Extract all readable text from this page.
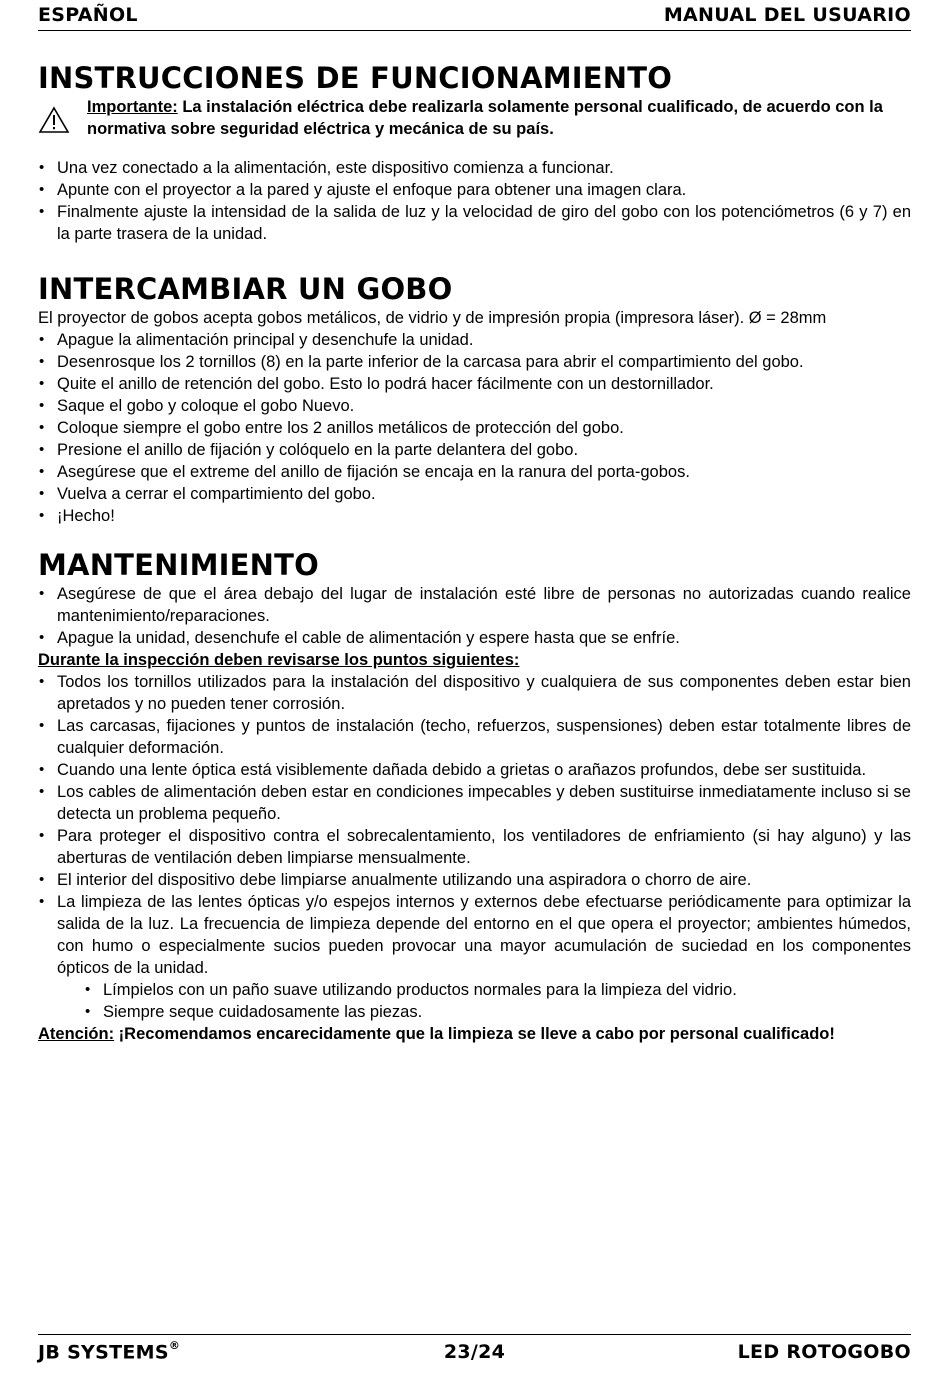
ESPAÑOL	MANUAL DEL USUARIO
INSTRUCCIONES DE FUNCIONAMIENTO
Importante: La instalación eléctrica debe realizarla solamente personal cualificado, de acuerdo con la normativa sobre seguridad eléctrica y mecánica de su país.
• Una vez conectado a la alimentación, este dispositivo comienza a funcionar.
• Apunte con el proyector a la pared y ajuste el enfoque para obtener una imagen clara.
• Finalmente ajuste la intensidad de la salida de luz y la velocidad de giro del gobo con los potenciómetros (6 y 7) en la parte trasera de la unidad.
INTERCAMBIAR UN GOBO
El proyector de gobos acepta gobos metálicos, de vidrio y de impresión propia (impresora láser). Ø = 28mm
• Apague la alimentación principal y desenchufe la unidad.
• Desenrosque los 2 tornillos (8) en la parte inferior de la carcasa para abrir el compartimiento del gobo.
• Quite el anillo de retención del gobo. Esto lo podrá hacer fácilmente con un destornillador.
• Saque el gobo y coloque el gobo Nuevo.
• Coloque siempre el gobo entre los 2 anillos metálicos de protección del gobo.
• Presione el anillo de fijación y colóquelo en la parte delantera del gobo.
• Asegúrese que el extreme del anillo de fijación se encaja en la ranura del porta-gobos.
• Vuelva a cerrar el compartimiento del gobo.
• ¡Hecho!
MANTENIMIENTO
• Asegúrese de que el área debajo del lugar de instalación esté libre de personas no autorizadas cuando realice mantenimiento/reparaciones.
• Apague la unidad, desenchufe el cable de alimentación y espere hasta que se enfríe.
Durante la inspección deben revisarse los puntos siguientes:
• Todos los tornillos utilizados para la instalación del dispositivo y cualquiera de sus componentes deben estar bien apretados y no pueden tener corrosión.
• Las carcasas, fijaciones y puntos de instalación (techo, refuerzos, suspensiones) deben estar totalmente libres de cualquier deformación.
• Cuando una lente óptica está visiblemente dañada debido a grietas o arañazos profundos, debe ser sustituida.
• Los cables de alimentación deben estar en condiciones impecables y deben sustituirse inmediatamente incluso si se detecta un problema pequeño.
• Para proteger el dispositivo contra el sobrecalentamiento, los ventiladores de enfriamiento (si hay alguno) y las aberturas de ventilación deben limpiarse mensualmente.
• El interior del dispositivo debe limpiarse anualmente utilizando una aspiradora o chorro de aire.
• La limpieza de las lentes ópticas y/o espejos internos y externos debe efectuarse periódicamente para optimizar la salida de la luz. La frecuencia de limpieza depende del entorno en el que opera el proyector; ambientes húmedos, con humo o especialmente sucios pueden provocar una mayor acumulación de suciedad en los componentes ópticos de la unidad.
• Límpielos con un paño suave utilizando productos normales para la limpieza del vidrio.
• Siempre seque cuidadosamente las piezas.
Atención: ¡Recomendamos encarecidamente que la limpieza se lleve a cabo por personal cualificado!
JB SYSTEMS®	23/24	LED ROTOGOBO
